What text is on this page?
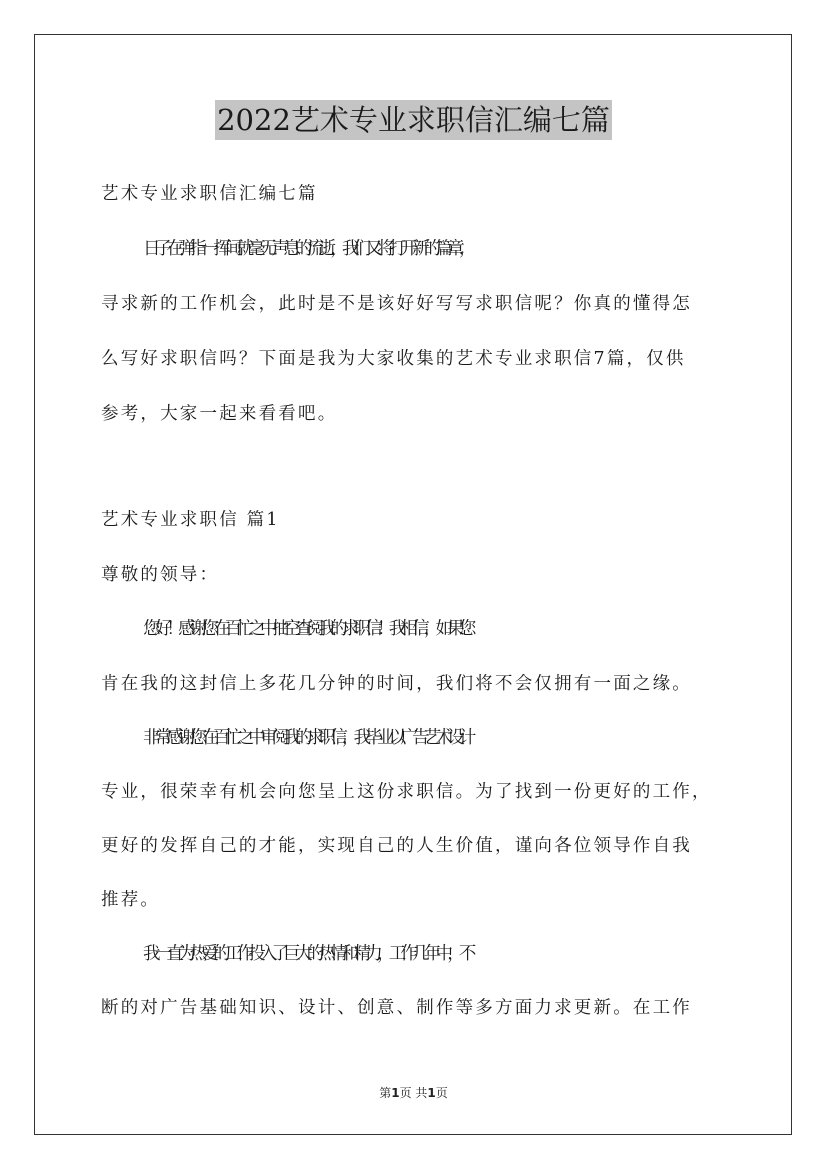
2022艺术专业求职信汇编七篇

艺术专业求职信汇编七篇

日子在弹指一挥间就毫无声息的流逝，我们又将打开新的篇章，

寻求新的工作机会，此时是不是该好好写写求职信呢？你真的懂得怎

么写好求职信吗？下面是我为大家收集的艺术专业求职信7篇，仅供

参考，大家一起来看看吧。

艺术专业求职信 篇1

尊敬的领导：

您好！感谢您在百忙之中抽空查阅我的求职信！我相信，如果您

肯在我的这封信上多花几分钟的时间，我们将不会仅拥有一面之缘。

非常感谢您在百忙之中审阅我的求职信，我毕业以广告艺术设计

专业，很荣幸有机会向您呈上这份求职信。为了找到一份更好的工作，

更好的发挥自己的才能，实现自己的人生价值，谨向各位领导作自我

推荐。

我一直为热爱的工作投入了巨大的热情和精力，工作几年中，不

断的对广告基础知识、设计、创意、制作等多方面力求更新。在工作

第1页 共1页
